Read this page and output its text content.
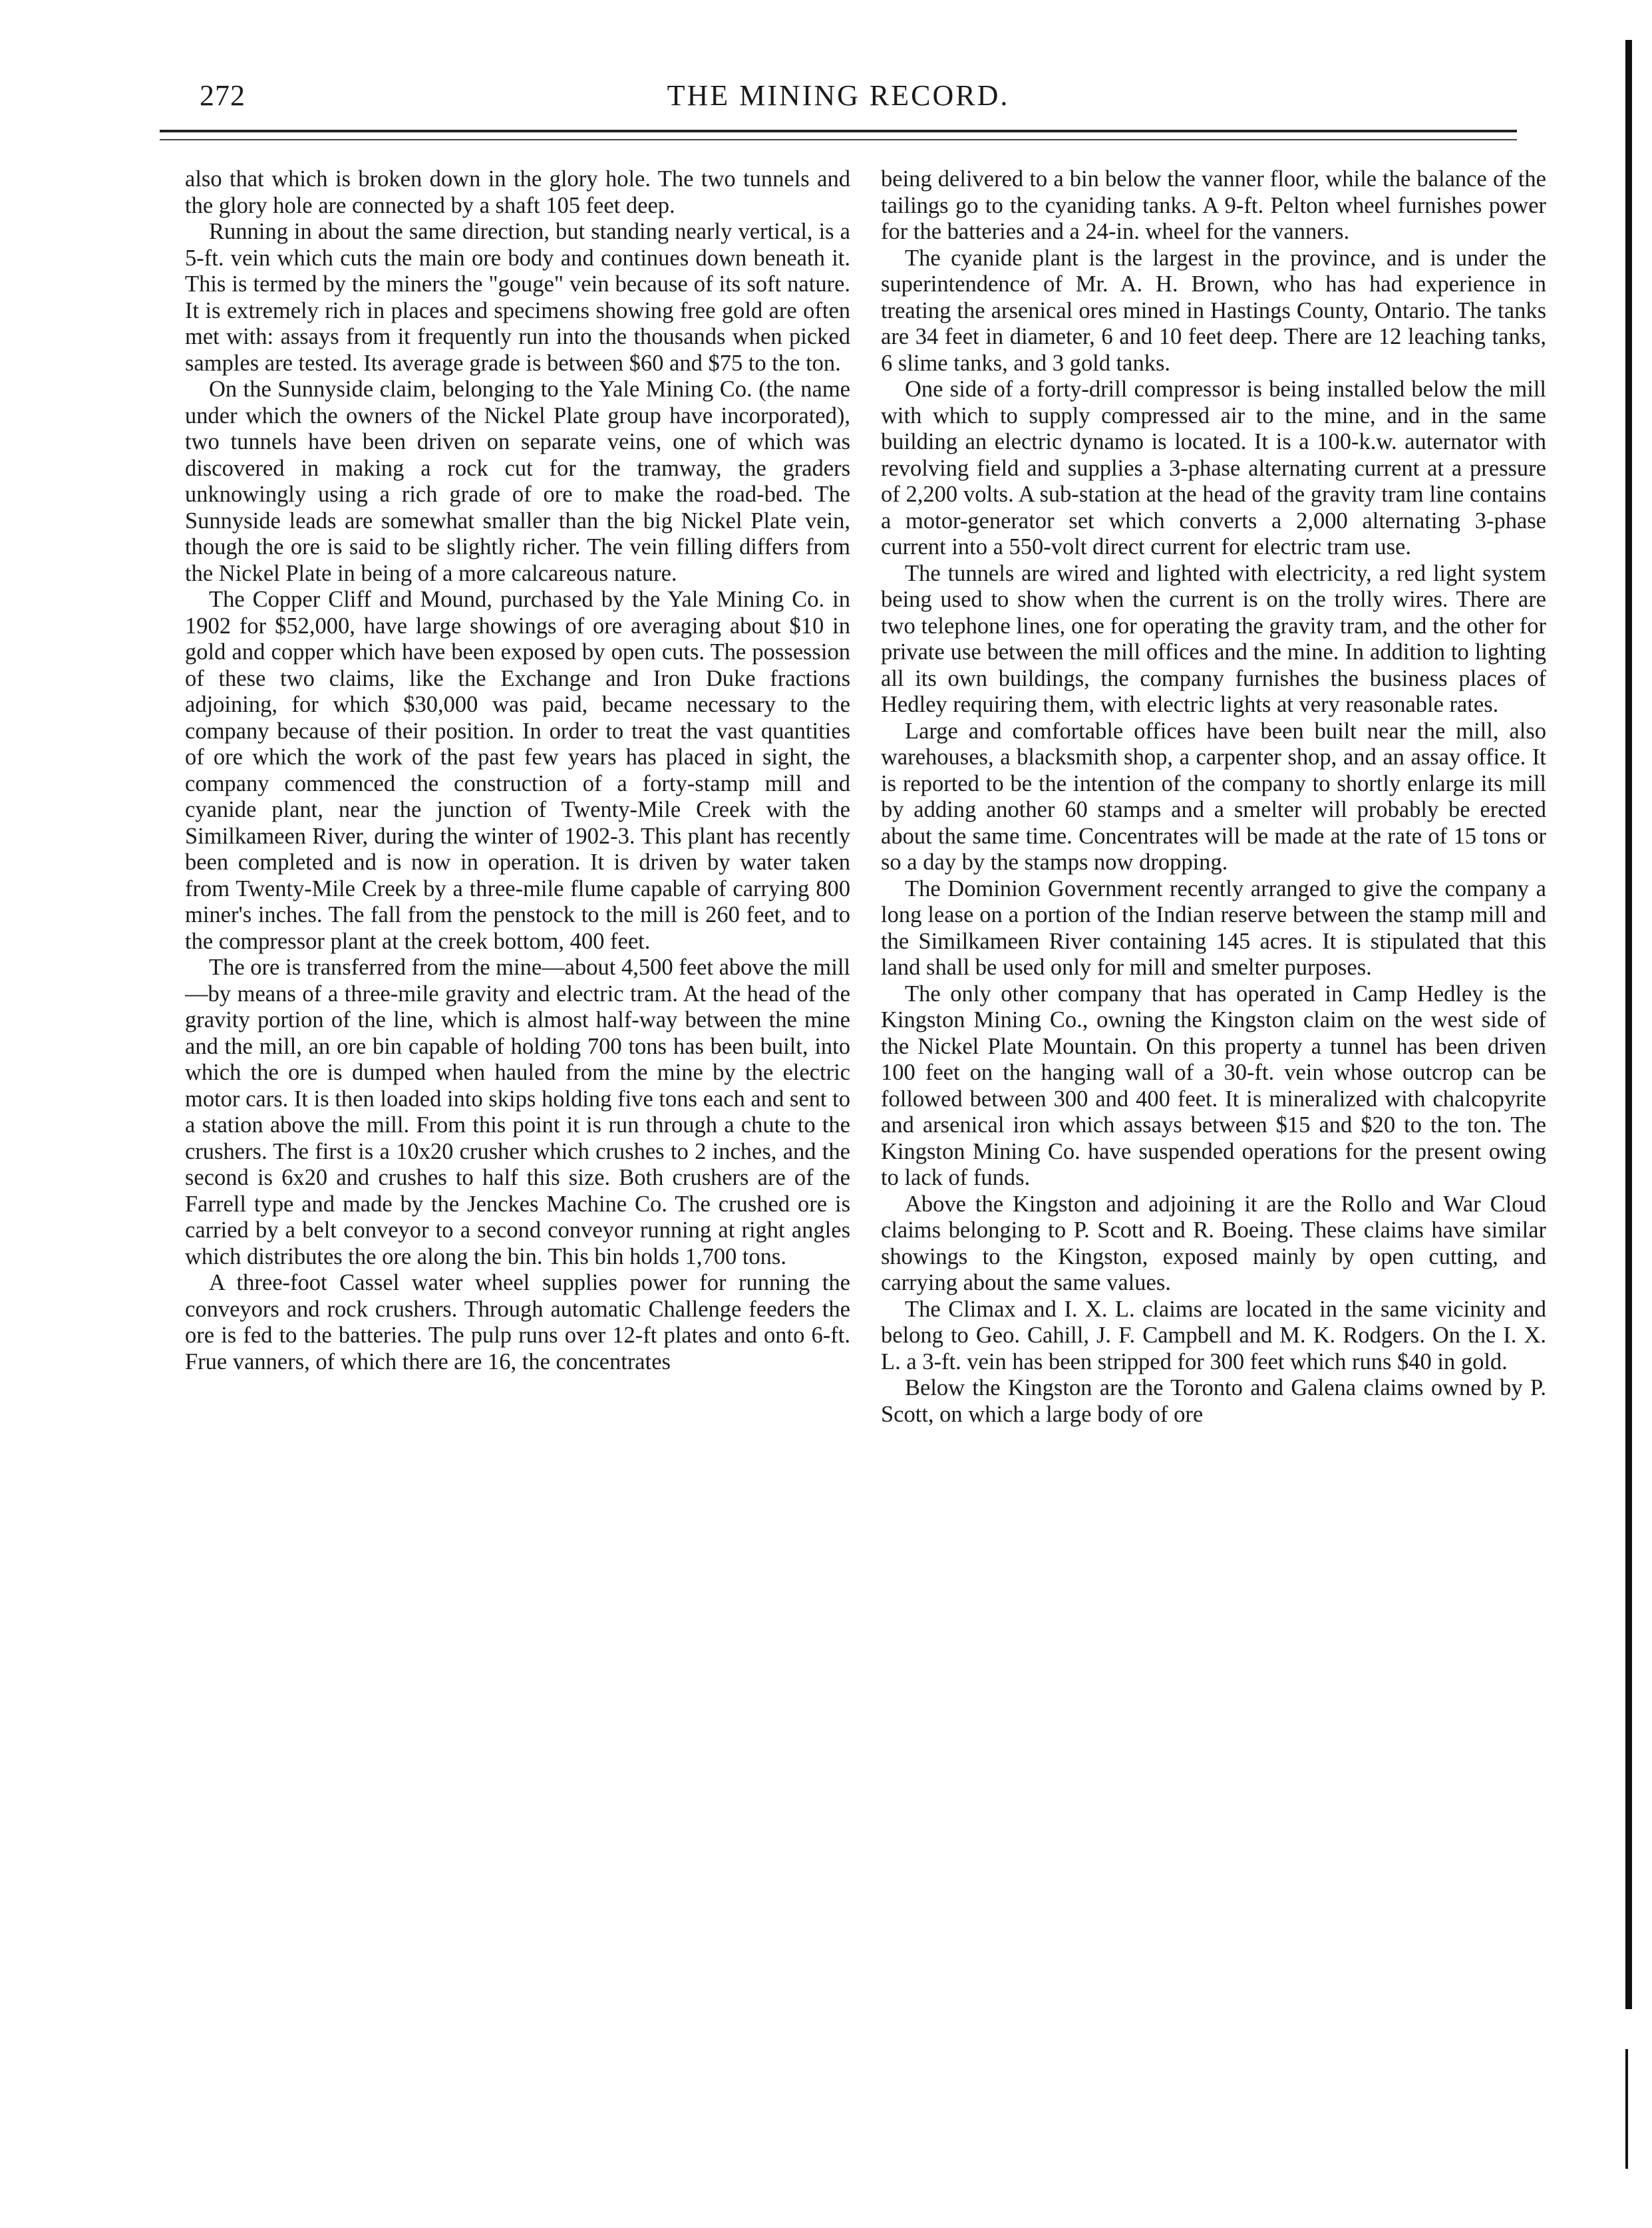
272	THE MINING RECORD.

also that which is broken down in the glory hole. The two tunnels and the glory hole are connected by a shaft 105 feet deep.

Running in about the same direction, but standing nearly vertical, is a 5-ft. vein which cuts the main ore body and continues down beneath it. This is termed by the miners the "gouge" vein because of its soft nature. It is extremely rich in places and specimens showing free gold are often met with: assays from it frequently run into the thousands when picked samples are tested. Its average grade is between $60 and $75 to the ton.

On the Sunnyside claim, belonging to the Yale Mining Co. (the name under which the owners of the Nickel Plate group have incorporated), two tunnels have been driven on separate veins, one of which was discovered in making a rock cut for the tramway, the graders unknowingly using a rich grade of ore to make the road-bed. The Sunnyside leads are somewhat smaller than the big Nickel Plate vein, though the ore is said to be slightly richer. The vein filling differs from the Nickel Plate in being of a more calcareous nature.

The Copper Cliff and Mound, purchased by the Yale Mining Co. in 1902 for $52,000, have large showings of ore averaging about $10 in gold and copper which have been exposed by open cuts. The possession of these two claims, like the Exchange and Iron Duke fractions adjoining, for which $30,000 was paid, became necessary to the company because of their position. In order to treat the vast quantities of ore which the work of the past few years has placed in sight, the company commenced the construction of a forty-stamp mill and cyanide plant, near the junction of Twenty-Mile Creek with the Similkameen River, during the winter of 1902-3. This plant has recently been completed and is now in operation. It is driven by water taken from Twenty-Mile Creek by a three-mile flume capable of carrying 800 miner's inches. The fall from the penstock to the mill is 260 feet, and to the compressor plant at the creek bottom, 400 feet.

The ore is transferred from the mine—about 4,500 feet above the mill—by means of a three-mile gravity and electric tram. At the head of the gravity portion of the line, which is almost half-way between the mine and the mill, an ore bin capable of holding 700 tons has been built, into which the ore is dumped when hauled from the mine by the electric motor cars. It is then loaded into skips holding five tons each and sent to a station above the mill. From this point it is run through a chute to the crushers. The first is a 10x20 crusher which crushes to 2 inches, and the second is 6x20 and crushes to half this size. Both crushers are of the Farrell type and made by the Jenckes Machine Co. The crushed ore is carried by a belt conveyor to a second conveyor running at right angles which distributes the ore along the bin. This bin holds 1,700 tons.

A three-foot Cassel water wheel supplies power for running the conveyors and rock crushers. Through automatic Challenge feeders the ore is fed to the batteries. The pulp runs over 12-ft plates and onto 6-ft. Frue vanners, of which there are 16, the concentrates

being delivered to a bin below the vanner floor, while the balance of the tailings go to the cyaniding tanks. A 9-ft. Pelton wheel furnishes power for the batteries and a 24-in. wheel for the vanners.

The cyanide plant is the largest in the province, and is under the superintendence of Mr. A. H. Brown, who has had experience in treating the arsenical ores mined in Hastings County, Ontario. The tanks are 34 feet in diameter, 6 and 10 feet deep. There are 12 leaching tanks, 6 slime tanks, and 3 gold tanks.

One side of a forty-drill compressor is being installed below the mill with which to supply compressed air to the mine, and in the same building an electric dynamo is located. It is a 100-k.w. auternator with revolving field and supplies a 3-phase alternating current at a pressure of 2,200 volts. A sub-station at the head of the gravity tram line contains a motor-generator set which converts a 2,000 alternating 3-phase current into a 550-volt direct current for electric tram use.

The tunnels are wired and lighted with electricity, a red light system being used to show when the current is on the trolly wires. There are two telephone lines, one for operating the gravity tram, and the other for private use between the mill offices and the mine. In addition to lighting all its own buildings, the company furnishes the business places of Hedley requiring them, with electric lights at very reasonable rates.

Large and comfortable offices have been built near the mill, also warehouses, a blacksmith shop, a carpenter shop, and an assay office. It is reported to be the intention of the company to shortly enlarge its mill by adding another 60 stamps and a smelter will probably be erected about the same time. Concentrates will be made at the rate of 15 tons or so a day by the stamps now dropping.

The Dominion Government recently arranged to give the company a long lease on a portion of the Indian reserve between the stamp mill and the Similkameen River containing 145 acres. It is stipulated that this land shall be used only for mill and smelter purposes.

The only other company that has operated in Camp Hedley is the Kingston Mining Co., owning the Kingston claim on the west side of the Nickel Plate Mountain. On this property a tunnel has been driven 100 feet on the hanging wall of a 30-ft. vein whose outcrop can be followed between 300 and 400 feet. It is mineralized with chalcopyrite and arsenical iron which assays between $15 and $20 to the ton. The Kingston Mining Co. have suspended operations for the present owing to lack of funds.

Above the Kingston and adjoining it are the Rollo and War Cloud claims belonging to P. Scott and R. Boeing. These claims have similar showings to the Kingston, exposed mainly by open cutting, and carrying about the same values.

The Climax and I. X. L. claims are located in the same vicinity and belong to Geo. Cahill, J. F. Campbell and M. K. Rodgers. On the I. X. L. a 3-ft. vein has been stripped for 300 feet which runs $40 in gold.

Below the Kingston are the Toronto and Galena claims owned by P. Scott, on which a large body of ore
